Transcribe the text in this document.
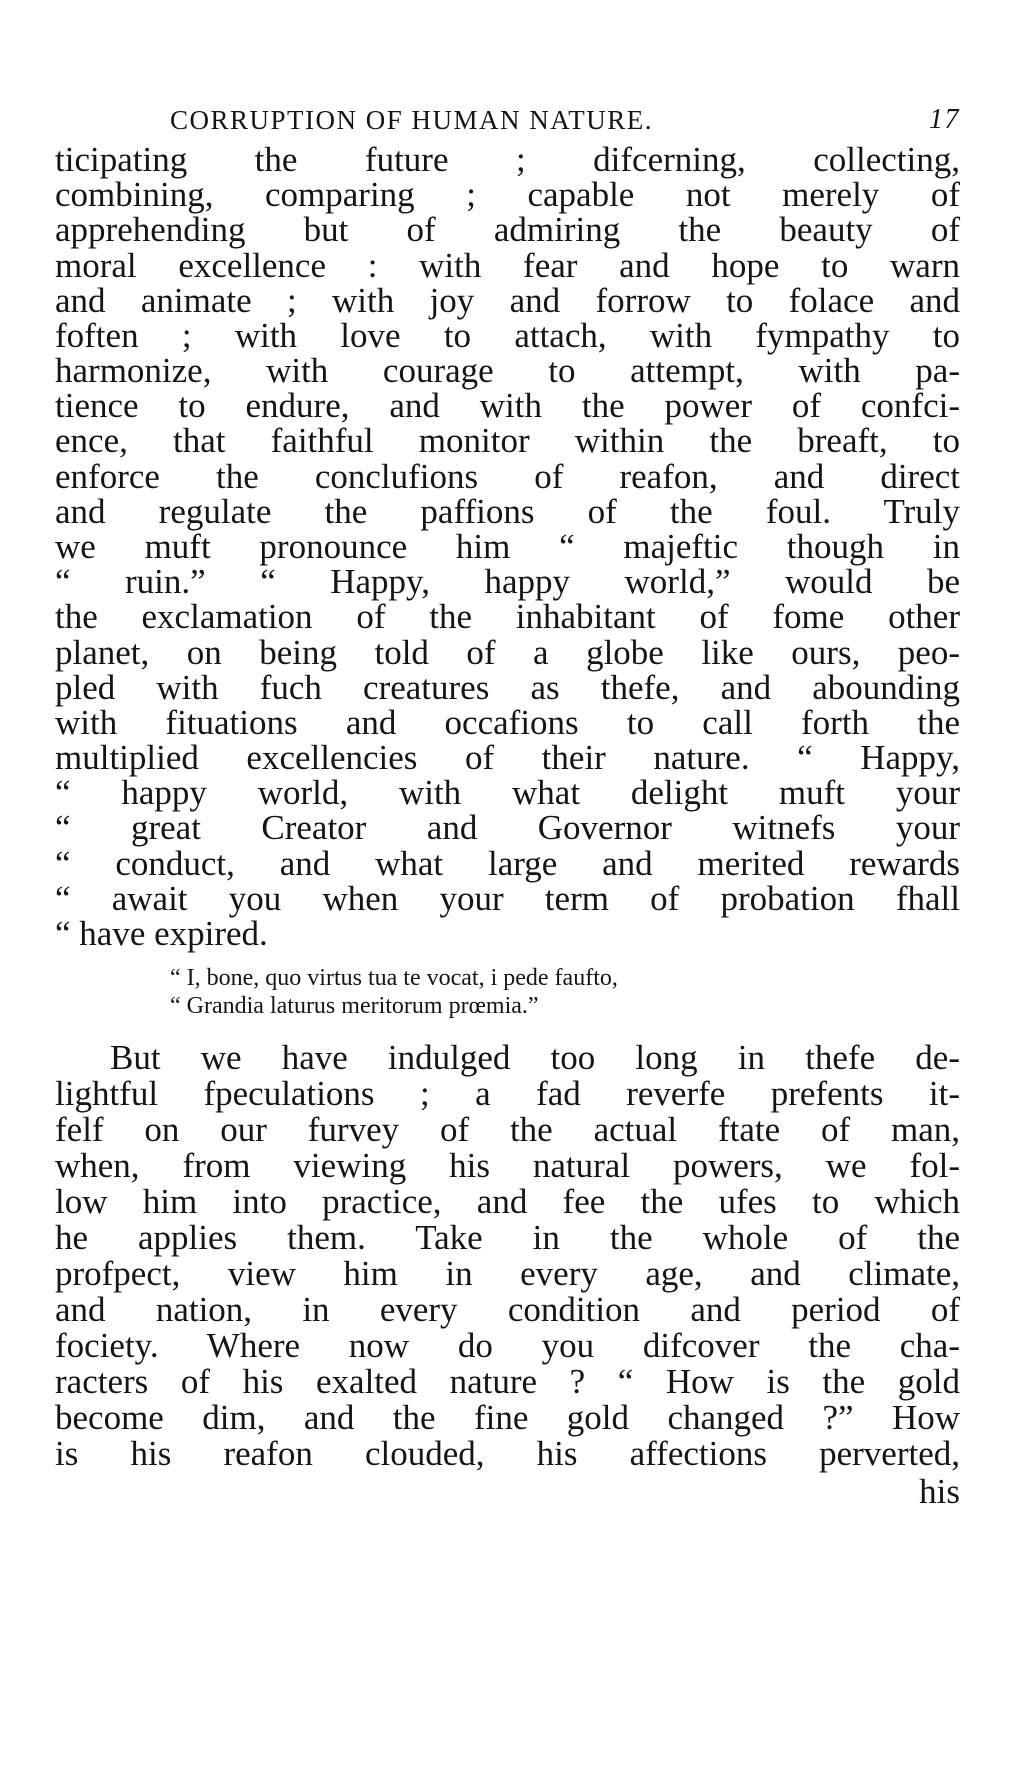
CORRUPTION OF HUMAN NATURE.	17
ticipating the future ; difcerning, collecting,
combining, comparing ; capable not merely of
apprehending but of admiring the beauty of
moral excellence : with fear and hope to warn
and animate ; with joy and forrow to folace and
foften ; with love to attach, with fympathy to
harmonize, with courage to attempt, with pa-
tience to endure, and with the power of confci-
ence, that faithful monitor within the breaft, to
enforce the conclufions of reafon, and direct
and regulate the paffions of the foul. Truly
we muft pronounce him “ majeftic though in
“ ruin.” “ Happy, happy world,” would be
the exclamation of the inhabitant of fome other
planet, on being told of a globe like ours, peo-
pled with fuch creatures as thefe, and abounding
with fituations and occafions to call forth the
multiplied excellencies of their nature. “ Happy,
“ happy world, with what delight muft your
“ great Creator and Governor witnefs your
“ conduct, and what large and merited rewards
“ await you when your term of probation fhall
“ have expired.
“ I, bone, quo virtus tua te vocat, i pede faufto,
“ Grandia laturus meritorum prœmia.”
But we have indulged too long in thefe de-
lightful fpeculations ; a fad reverfe prefents it-
felf on our furvey of the actual ftate of man,
when, from viewing his natural powers, we fol-
low him into practice, and fee the ufes to which
he applies them. Take in the whole of the
profpect, view him in every age, and climate,
and nation, in every condition and period of
fociety. Where now do you difcover the cha-
racters of his exalted nature ? “ How is the gold
become dim, and the fine gold changed ?” How
is his reafon clouded, his affections perverted,
his
